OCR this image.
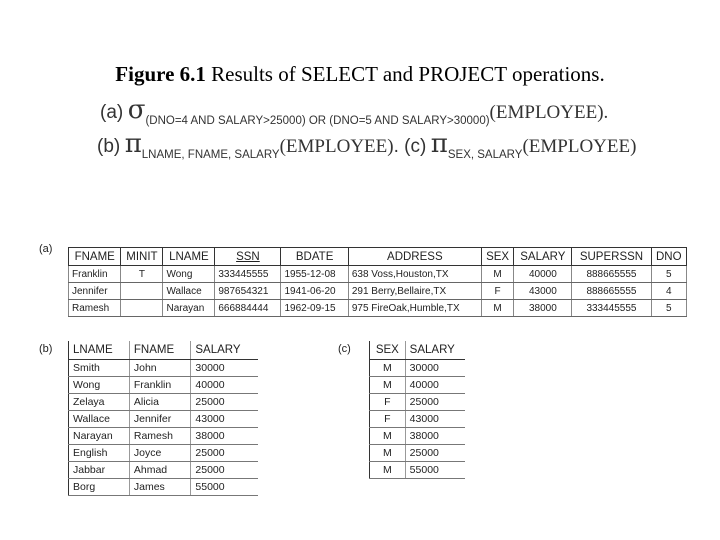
Figure 6.1 Results of SELECT and PROJECT operations.
(a) $\sigma_{(DNO=4 AND SALARY>25000) OR (DNO=5 AND SALARY>30000)}(EMPLOYEE)$.
(b) $\pi_{LNAME, FNAME, SALARY}(EMPLOYEE)$. (c) $\pi_{SEX, SALARY}(EMPLOYEE)$
(a)
(b)	(c)
FNAME	MINIT	LNAME	SSN	BDATE	ADDRESS	SEX	SALARY	SUPERSSN	DNO
Franklin	T	Wong	333445555	1955-12-08	638 Voss,Houston,TX	M	40000	888665555	5
Jennifer		Wallace	987654321	1941-06-20	291 Berry,Bellaire,TX	F	43000	888665555	4
Ramesh		Narayan	666884444	1962-09-15	975 FireOak,Humble,TX	M	38000	333445555	5
LNAME	FNAME	SALARY
Smith	John	30000
Wong	Franklin	40000
Zelaya	Alicia	25000
Wallace	Jennifer	43000
Narayan	Ramesh	38000
English	Joyce	25000
Jabbar	Ahmad	25000
Borg	James	55000
SEX	SALARY
M	30000
M	40000
F	25000
F	43000
M	38000
M	25000
M	55000
